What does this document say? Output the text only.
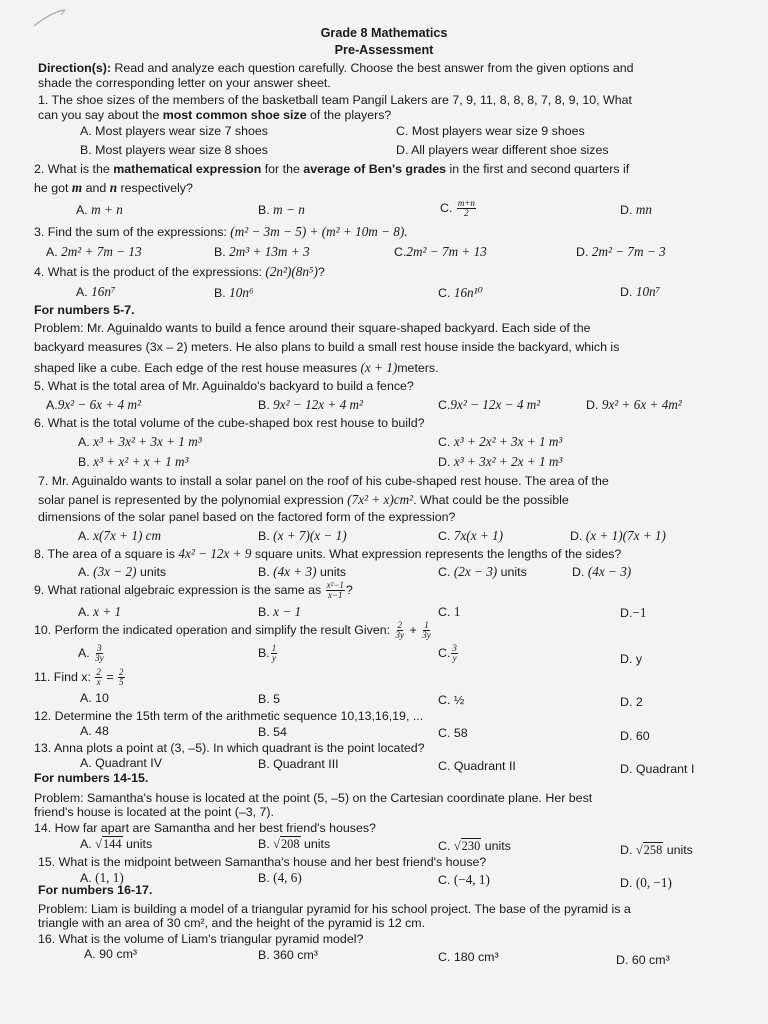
Grade 8 Mathematics
Pre-Assessment
Direction(s): Read and analyze each question carefully. Choose the best answer from the given options and
shade the corresponding letter on your answer sheet.
1. The shoe sizes of the members of the basketball team Pangil Lakers are 7, 9, 11, 8, 8, 8, 7, 8, 9, 10, What
can you say about the most common shoe size of the players?
A. Most players wear size 7 shoes	C. Most players wear size 9 shoes
B. Most players wear size 8 shoes	D. All players wear different shoe sizes
2. What is the mathematical expression for the average of Ben's grades in the first and second quarters if
he got m and n respectively?
A. m + n	B. m − n	C. $\frac{m+n}{2}$	D. mn
3. Find the sum of the expressions: (m² − 3m − 5) + (m² + 10m − 8).
A. 2m² + 7m − 13	B. 2m³ + 13m + 3	C.2m² − 7m + 13	D. 2m² − 7m − 3
4. What is the product of the expressions: (2n²)(8n⁵)?
A. 16n⁷	B. 10n⁶	C. 16n¹⁰	D. 10n⁷
For numbers 5-7.
Problem: Mr. Aguinaldo wants to build a fence around their square-shaped backyard. Each side of the
backyard measures (3x – 2) meters. He also plans to build a small rest house inside the backyard, which is
shaped like a cube. Each edge of the rest house measures (x + 1)meters.
5. What is the total area of Mr. Aguinaldo's backyard to build a fence?
A.9x² − 6x + 4 m²	B. 9x² − 12x + 4 m²	C.9x² − 12x − 4 m²	D. 9x² + 6x + 4m²
6. What is the total volume of the cube-shaped box rest house to build?
A. x³ + 3x² + 3x + 1 m³	C. x³ + 2x² + 3x + 1 m³
B. x³ + x² + x + 1 m³	D. x³ + 3x² + 2x + 1 m³
7. Mr. Aguinaldo wants to install a solar panel on the roof of his cube-shaped rest house. The area of the
solar panel is represented by the polynomial expression (7x² + x)cm². What could be the possible
dimensions of the solar panel based on the factored form of the expression?
A. x(7x + 1) cm	B. (x + 7)(x − 1)	C. 7x(x + 1)	D. (x + 1)(7x + 1)
8. The area of a square is 4x² − 12x + 9 square units. What expression represents the lengths of the sides?
A. (3x − 2) units	B. (4x + 3) units	C. (2x − 3) units	D. (4x − 3)
9. What rational algebraic expression is the same as $\frac{\text{x²−1}}{x-1}$ ?
A. x + 1	B. x − 1	C. 1	D.−1
10. Perform the indicated operation and simplify the result Given: $\frac{2}{3y} + \frac{1}{3y}$
A. $\frac{3}{3y}$	B. $\frac{1}{y}$	C. $\frac{3}{y}$	D. y
11. Find x: $\frac{2}{x} = \frac{2}{5}$
A. 10	B. 5	C. ½	D. 2
12. Determine the 15th term of the arithmetic sequence 10,13,16,19, ...
A. 48	B. 54	C. 58	D. 60
13. Anna plots a point at (3, –5). In which quadrant is the point located?
A. Quadrant IV	B. Quadrant III	C. Quadrant II	D. Quadrant I
For numbers 14-15.
Problem: Samantha's house is located at the point (5, –5) on the Cartesian coordinate plane. Her best
friend's house is located at the point (–3, 7).
14. How far apart are Samantha and her best friend's houses?
A. √144 units	B. √208 units	C. √230 units	D. √258 units
15. What is the midpoint between Samantha's house and her best friend's house?
A. (1, 1)	B. (4, 6)	C. (−4, 1)	D. (0, −1)
For numbers 16-17.
Problem: Liam is building a model of a triangular pyramid for his school project. The base of the pyramid is a
triangle with an area of 30 cm², and the height of the pyramid is 12 cm.
16. What is the volume of Liam's triangular pyramid model?
A. 90 cm³	B. 360 cm³	C. 180 cm³	D. 60 cm³
